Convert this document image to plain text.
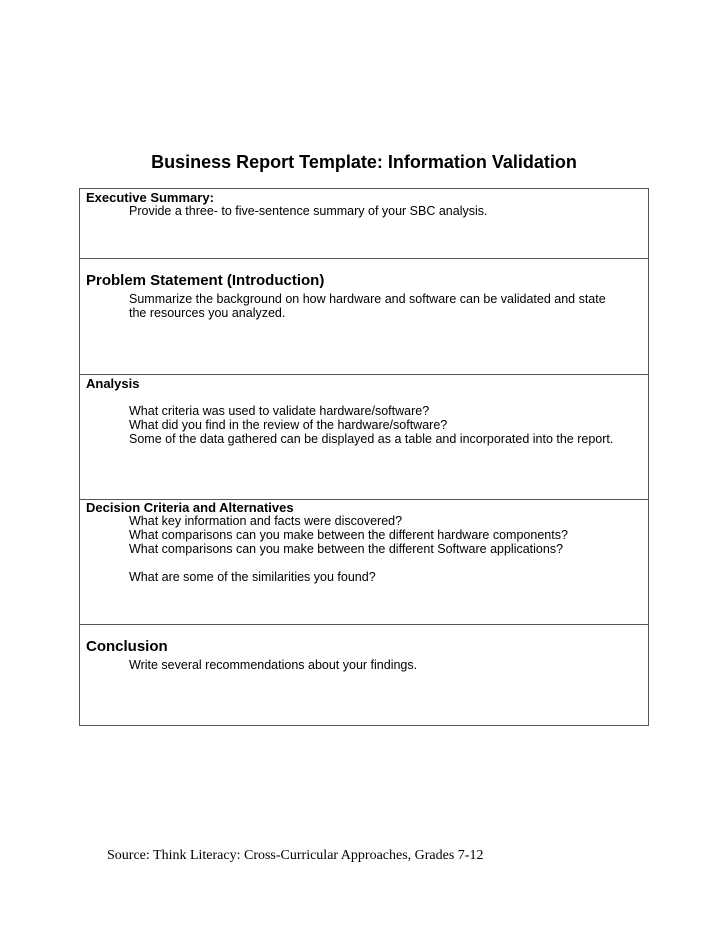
Business Report Template: Information Validation
Executive Summary:
Provide a three- to five-sentence summary of your SBC analysis.
Problem Statement (Introduction)
Summarize the background on how hardware and software can be validated and state
the resources you analyzed.
Analysis
What criteria was used to validate hardware/software?
What did you find in the review of the hardware/software?
Some of the data gathered can be displayed as a table and incorporated into the report.
Decision Criteria and Alternatives
What key information and facts were discovered?
What comparisons can you make between the different hardware components?
What comparisons can you make between the different Software applications?
What are some of the similarities you found?
Conclusion
Write several recommendations about your findings.
Source: Think Literacy: Cross-Curricular Approaches, Grades 7-12
